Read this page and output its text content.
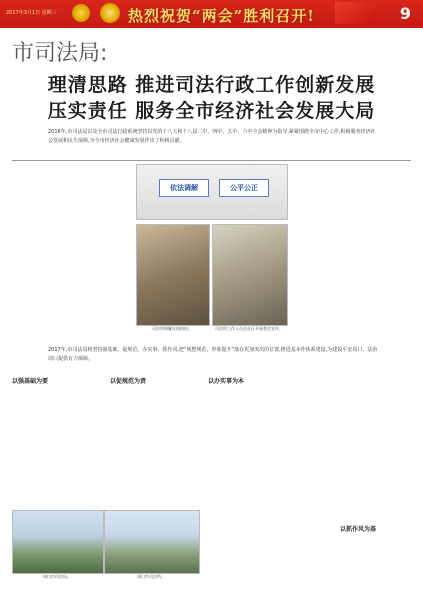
2017年3月1日 星期三	热烈祝贺“两会”胜利召开!	9
市司法局:
理清思路 推进司法行政工作创新发展
压实责任 服务全市经济社会发展大局
2016年,市司法局以及全市司法行政系统坚持以党的十八大和十八届三中、四中、五中、六中全会精神为指导,紧紧围绕全市中心工作,积极服务经济社会发展和民生保障,为全市经济社会健康发展作出了积极贡献。
依法调解	公平公正
司法所调解民间纠纷。	司法所工作人员在社区开展普法宣传。
2017年,市司法局将坚持强基础、促规范、办实事、抓作风,把“规整规范、形象提升”落在更加突出的位置,推进基本作体系建设,为建设平安周口、法治周口提供有力保障。
以强基础为要	以促规范为责	以办实事为本
以抓作风为基
周口市司法局。	周口市司法所。
